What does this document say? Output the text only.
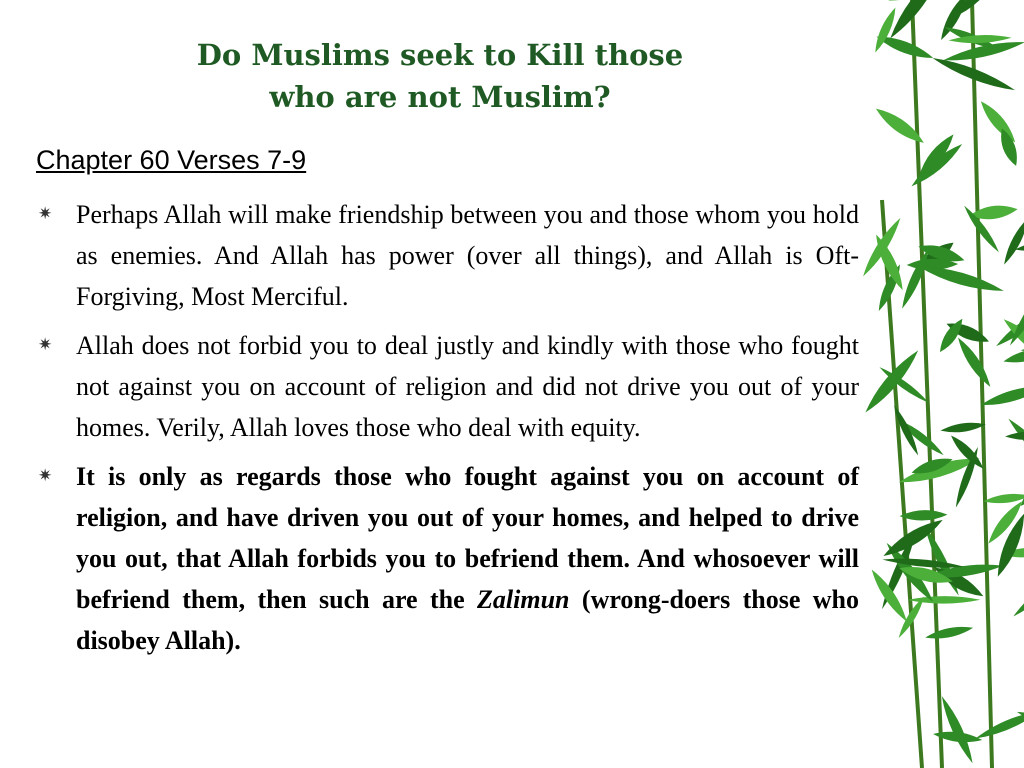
Do Muslims seek to Kill those
who are not Muslim?
Chapter 60 Verses 7-9
✷ Perhaps Allah will make friendship between you and those whom you hold as enemies. And Allah has power (over all things), and Allah is Oft-Forgiving, Most Merciful.
✷ Allah does not forbid you to deal justly and kindly with those who fought not against you on account of religion and did not drive you out of your homes. Verily, Allah loves those who deal with equity.
✷ It is only as regards those who fought against you on account of religion, and have driven you out of your homes, and helped to drive you out, that Allah forbids you to befriend them. And whosoever will befriend them, then such are the Zalimun (wrong-doers those who disobey Allah).
